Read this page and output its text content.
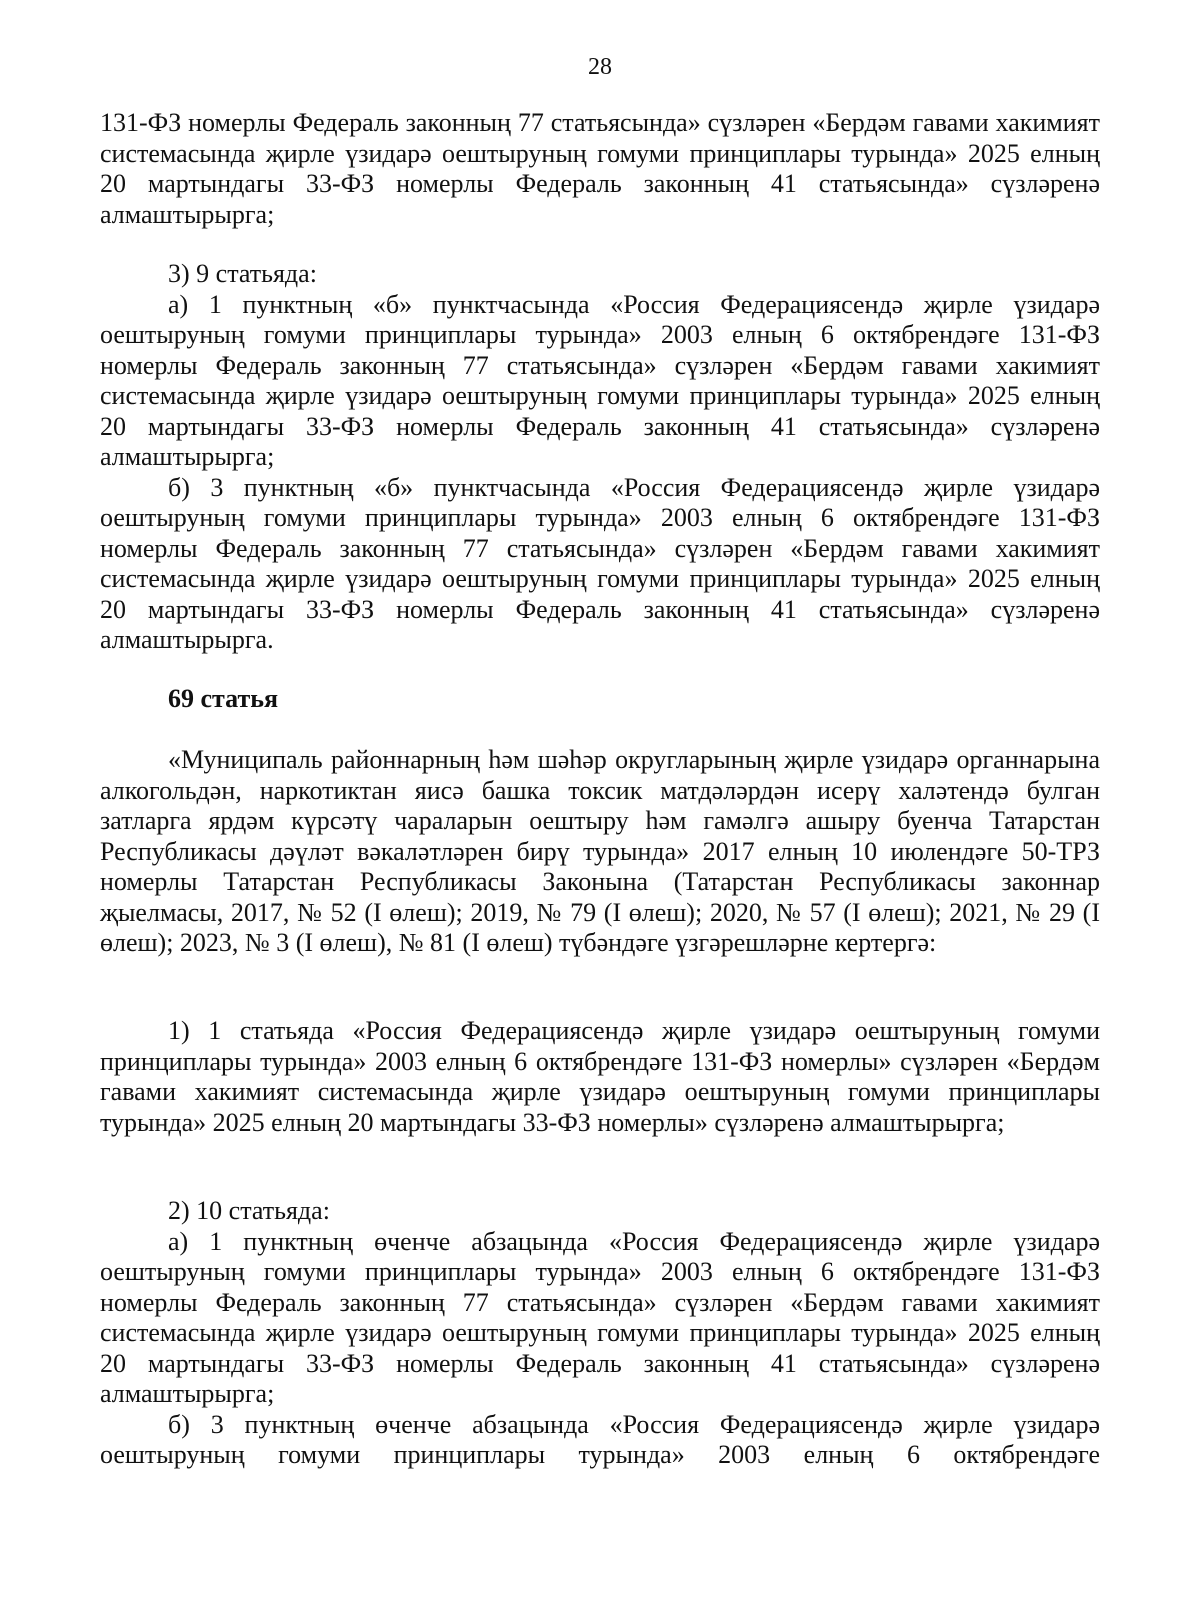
28

131-ФЗ номерлы Федераль законның 77 статьясында» сүзләрен «Бердәм гавами хакимият системасында җирле үзидарә оештыруның гомуми принциплары турында» 2025 елның 20 мартындагы 33-ФЗ номерлы Федераль законның 41 статьясында» сүзләренә алмаштырырга;

3) 9 статьяда:

а) 1 пунктның «б» пунктчасында «Россия Федерациясендә җирле үзидарә оештыруның гомуми принциплары турында» 2003 елның 6 октябрендәге 131-ФЗ номерлы Федераль законның 77 статьясында» сүзләрен «Бердәм гавами хакимият системасында җирле үзидарә оештыруның гомуми принциплары турында» 2025 елның 20 мартындагы 33-ФЗ номерлы Федераль законның 41 статьясында» сүзләренә алмаштырырга;

б) 3 пунктның «б» пунктчасында «Россия Федерациясендә җирле үзидарә оештыруның гомуми принциплары турында» 2003 елның 6 октябрендәге 131-ФЗ номерлы Федераль законның 77 статьясында» сүзләрен «Бердәм гавами хакимият системасында җирле үзидарә оештыруның гомуми принциплары турында» 2025 елның 20 мартындагы 33-ФЗ номерлы Федераль законның 41 статьясында» сүзләренә алмаштырырга.

69 статья

«Муниципаль районнарның һәм шәһәр округларының җирле үзидарә органнарына алкогольдән, наркотиктан яисә башка токсик матдәләрдән исерү халәтендә булган затларга ярдәм күрсәтү чараларын оештыру һәм гамәлгә ашыру буенча Татарстан Республикасы дәүләт вәкаләтләрен бирү турында» 2017 елның 10 июлендәге 50-ТРЗ номерлы Татарстан Республикасы Законына (Татарстан Республикасы законнар җыелмасы, 2017, № 52 (I өлеш); 2019, № 79 (I өлеш); 2020, № 57 (I өлеш); 2021, № 29 (I өлеш); 2023, № 3 (I өлеш), № 81 (I өлеш) түбәндәге үзгәрешләрне кертергә:

1) 1 статьяда «Россия Федерациясендә җирле үзидарә оештыруның гомуми принциплары турында» 2003 елның 6 октябрендәге 131-ФЗ номерлы» сүзләрен «Бердәм гавами хакимият системасында җирле үзидарә оештыруның гомуми принциплары турында» 2025 елның 20 мартындагы 33-ФЗ номерлы» сүзләренә алмаштырырга;

2) 10 статьяда:

а) 1 пунктның өченче абзацында «Россия Федерациясендә җирле үзидарә оештыруның гомуми принциплары турында» 2003 елның 6 октябрендәге 131-ФЗ номерлы Федераль законның 77 статьясында» сүзләрен «Бердәм гавами хакимият системасында җирле үзидарә оештыруның гомуми принциплары турында» 2025 елның 20 мартындагы 33-ФЗ номерлы Федераль законның 41 статьясында» сүзләренә алмаштырырга;

б) 3 пунктның өченче абзацында «Россия Федерациясендә җирле үзидарә оештыруның гомуми принциплары турында» 2003 елның 6 октябрендәге
